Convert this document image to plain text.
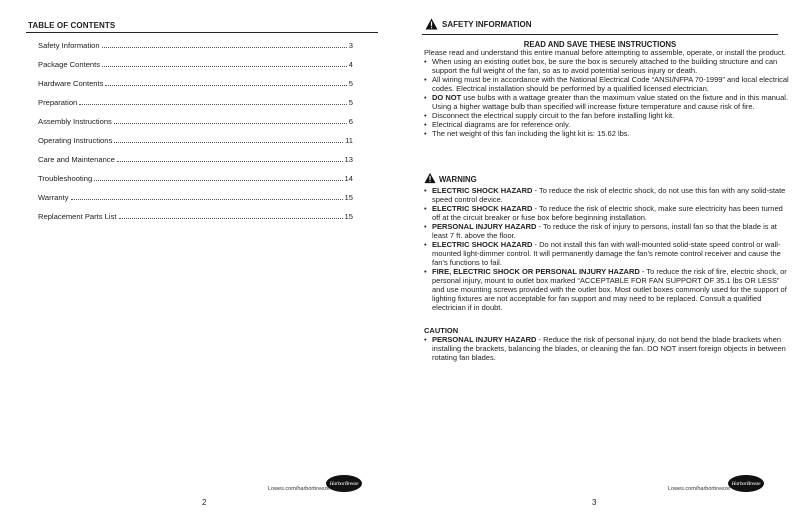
TABLE OF CONTENTS
Safety Information	3
Package Contents	4
Hardware Contents	5
Preparation	5
Assembly Instructions	6
Operating Instructions	11
Care and Maintenance	13
Troubleshooting	14
Warranty	15
Replacement Parts List	15
Lowes.com/harborbreeze
HarborBreeze
2
SAFETY INFORMATION
READ AND SAVE THESE INSTRUCTIONS

Please read and understand this entire manual before attempting to assemble, operate, or install the product.

• When using an existing outlet box, be sure the box is securely attached to the building structure and can support the full weight of the fan, so as to avoid potential serious injury or death.
• All wiring must be in accordance with the National Electrical Code “ANSI/NFPA 70-1999” and local electrical codes. Electrical installation should be performed by a qualified licensed electrician.
• DO NOT use bulbs with a wattage greater than the maximum value stated on the fixture and in this manual. Using a higher wattage bulb than specified will increase fixture temperature and cause risk of fire.
• Disconnect the electrical supply circuit to the fan before installing light kit.
• Electrical diagrams are for reference only.
• The net weight of this fan including the light kit is: 15.62 lbs.
WARNING
• ELECTRIC SHOCK HAZARD - To reduce the risk of electric shock, do not use this fan with any solid-state speed control device.
• ELECTRIC SHOCK HAZARD - To reduce the risk of electric shock, make sure electricity has been turned off at the circuit breaker or fuse box before beginning installation.
• PERSONAL INJURY HAZARD - To reduce the risk of injury to persons, install fan so that the blade is at least 7 ft. above the floor.
• ELECTRIC SHOCK HAZARD - Do not install this fan with wall-mounted solid-state speed control or wall-mounted light-dimmer control. It will permanently damage the fan’s remote control receiver and cause the fan’s functions to fail.
• FIRE, ELECTRIC SHOCK OR PERSONAL INJURY HAZARD - To reduce the risk of fire, electric shock, or personal injury, mount to outlet box marked “ACCEPTABLE FOR FAN SUPPORT OF 35.1 lbs OR LESS” and use mounting screws provided with the outlet box. Most outlet boxes commonly used for the support of lighting fixtures are not acceptable for fan support and may need to be replaced. Consult a qualified electrician if in doubt.

CAUTION

• PERSONAL INJURY HAZARD - Reduce the risk of personal injury, do not bend the blade brackets when installing the brackets, balancing the blades, or cleaning the fan. DO NOT insert foreign objects in between rotating fan blades.
Lowes.com/harborbreeze
HarborBreeze
3
